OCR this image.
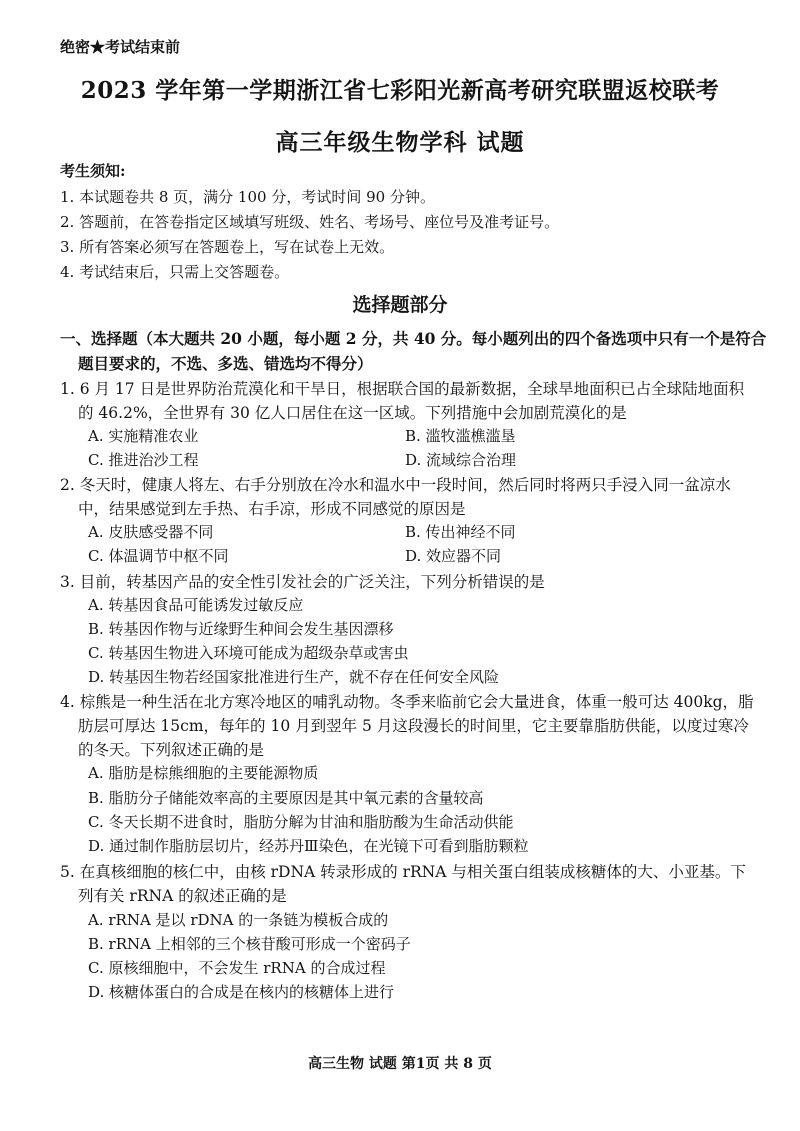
绝密★考试结束前
2023 学年第一学期浙江省七彩阳光新高考研究联盟返校联考
高三年级生物学科 试题
考生须知:
1. 本试题卷共 8 页，满分 100 分，考试时间 90 分钟。
2. 答题前，在答卷指定区域填写班级、姓名、考场号、座位号及准考证号。
3. 所有答案必须写在答题卷上，写在试卷上无效。
4. 考试结束后，只需上交答题卷。
选择题部分
一、选择题（本大题共 20 小题，每小题 2 分，共 40 分。每小题列出的四个备选项中只有一个是符合
题目要求的，不选、多选、错选均不得分）
1. 6 月 17 日是世界防治荒漠化和干旱日，根据联合国的最新数据，全球旱地面积已占全球陆地面积
的 46.2%，全世界有 30 亿人口居住在这一区域。下列措施中会加剧荒漠化的是
A. 实施精准农业	B. 滥牧滥樵滥垦
C. 推进治沙工程	D. 流域综合治理
2. 冬天时，健康人将左、右手分别放在冷水和温水中一段时间，然后同时将两只手浸入同一盆凉水
中，结果感觉到左手热、右手凉，形成不同感觉的原因是
A. 皮肤感受器不同	B. 传出神经不同
C. 体温调节中枢不同	D. 效应器不同
3. 目前，转基因产品的安全性引发社会的广泛关注，下列分析错误的是
A. 转基因食品可能诱发过敏反应
B. 转基因作物与近缘野生种间会发生基因漂移
C. 转基因生物进入环境可能成为超级杂草或害虫
D. 转基因生物若经国家批准进行生产，就不存在任何安全风险
4. 棕熊是一种生活在北方寒冷地区的哺乳动物。冬季来临前它会大量进食，体重一般可达 400kg，脂
肪层可厚达 15cm，每年的 10 月到翌年 5 月这段漫长的时间里，它主要靠脂肪供能，以度过寒冷
的冬天。下列叙述正确的是
A. 脂肪是棕熊细胞的主要能源物质
B. 脂肪分子储能效率高的主要原因是其中氧元素的含量较高
C. 冬天长期不进食时，脂肪分解为甘油和脂肪酸为生命活动供能
D. 通过制作脂肪层切片，经苏丹Ⅲ染色，在光镜下可看到脂肪颗粒
5. 在真核细胞的核仁中，由核 rDNA 转录形成的 rRNA 与相关蛋白组装成核糖体的大、小亚基。下
列有关 rRNA 的叙述正确的是
A. rRNA 是以 rDNA 的一条链为模板合成的
B. rRNA 上相邻的三个核苷酸可形成一个密码子
C. 原核细胞中，不会发生 rRNA 的合成过程
D. 核糖体蛋白的合成是在核内的核糖体上进行
高三生物 试题 第1页 共 8 页
